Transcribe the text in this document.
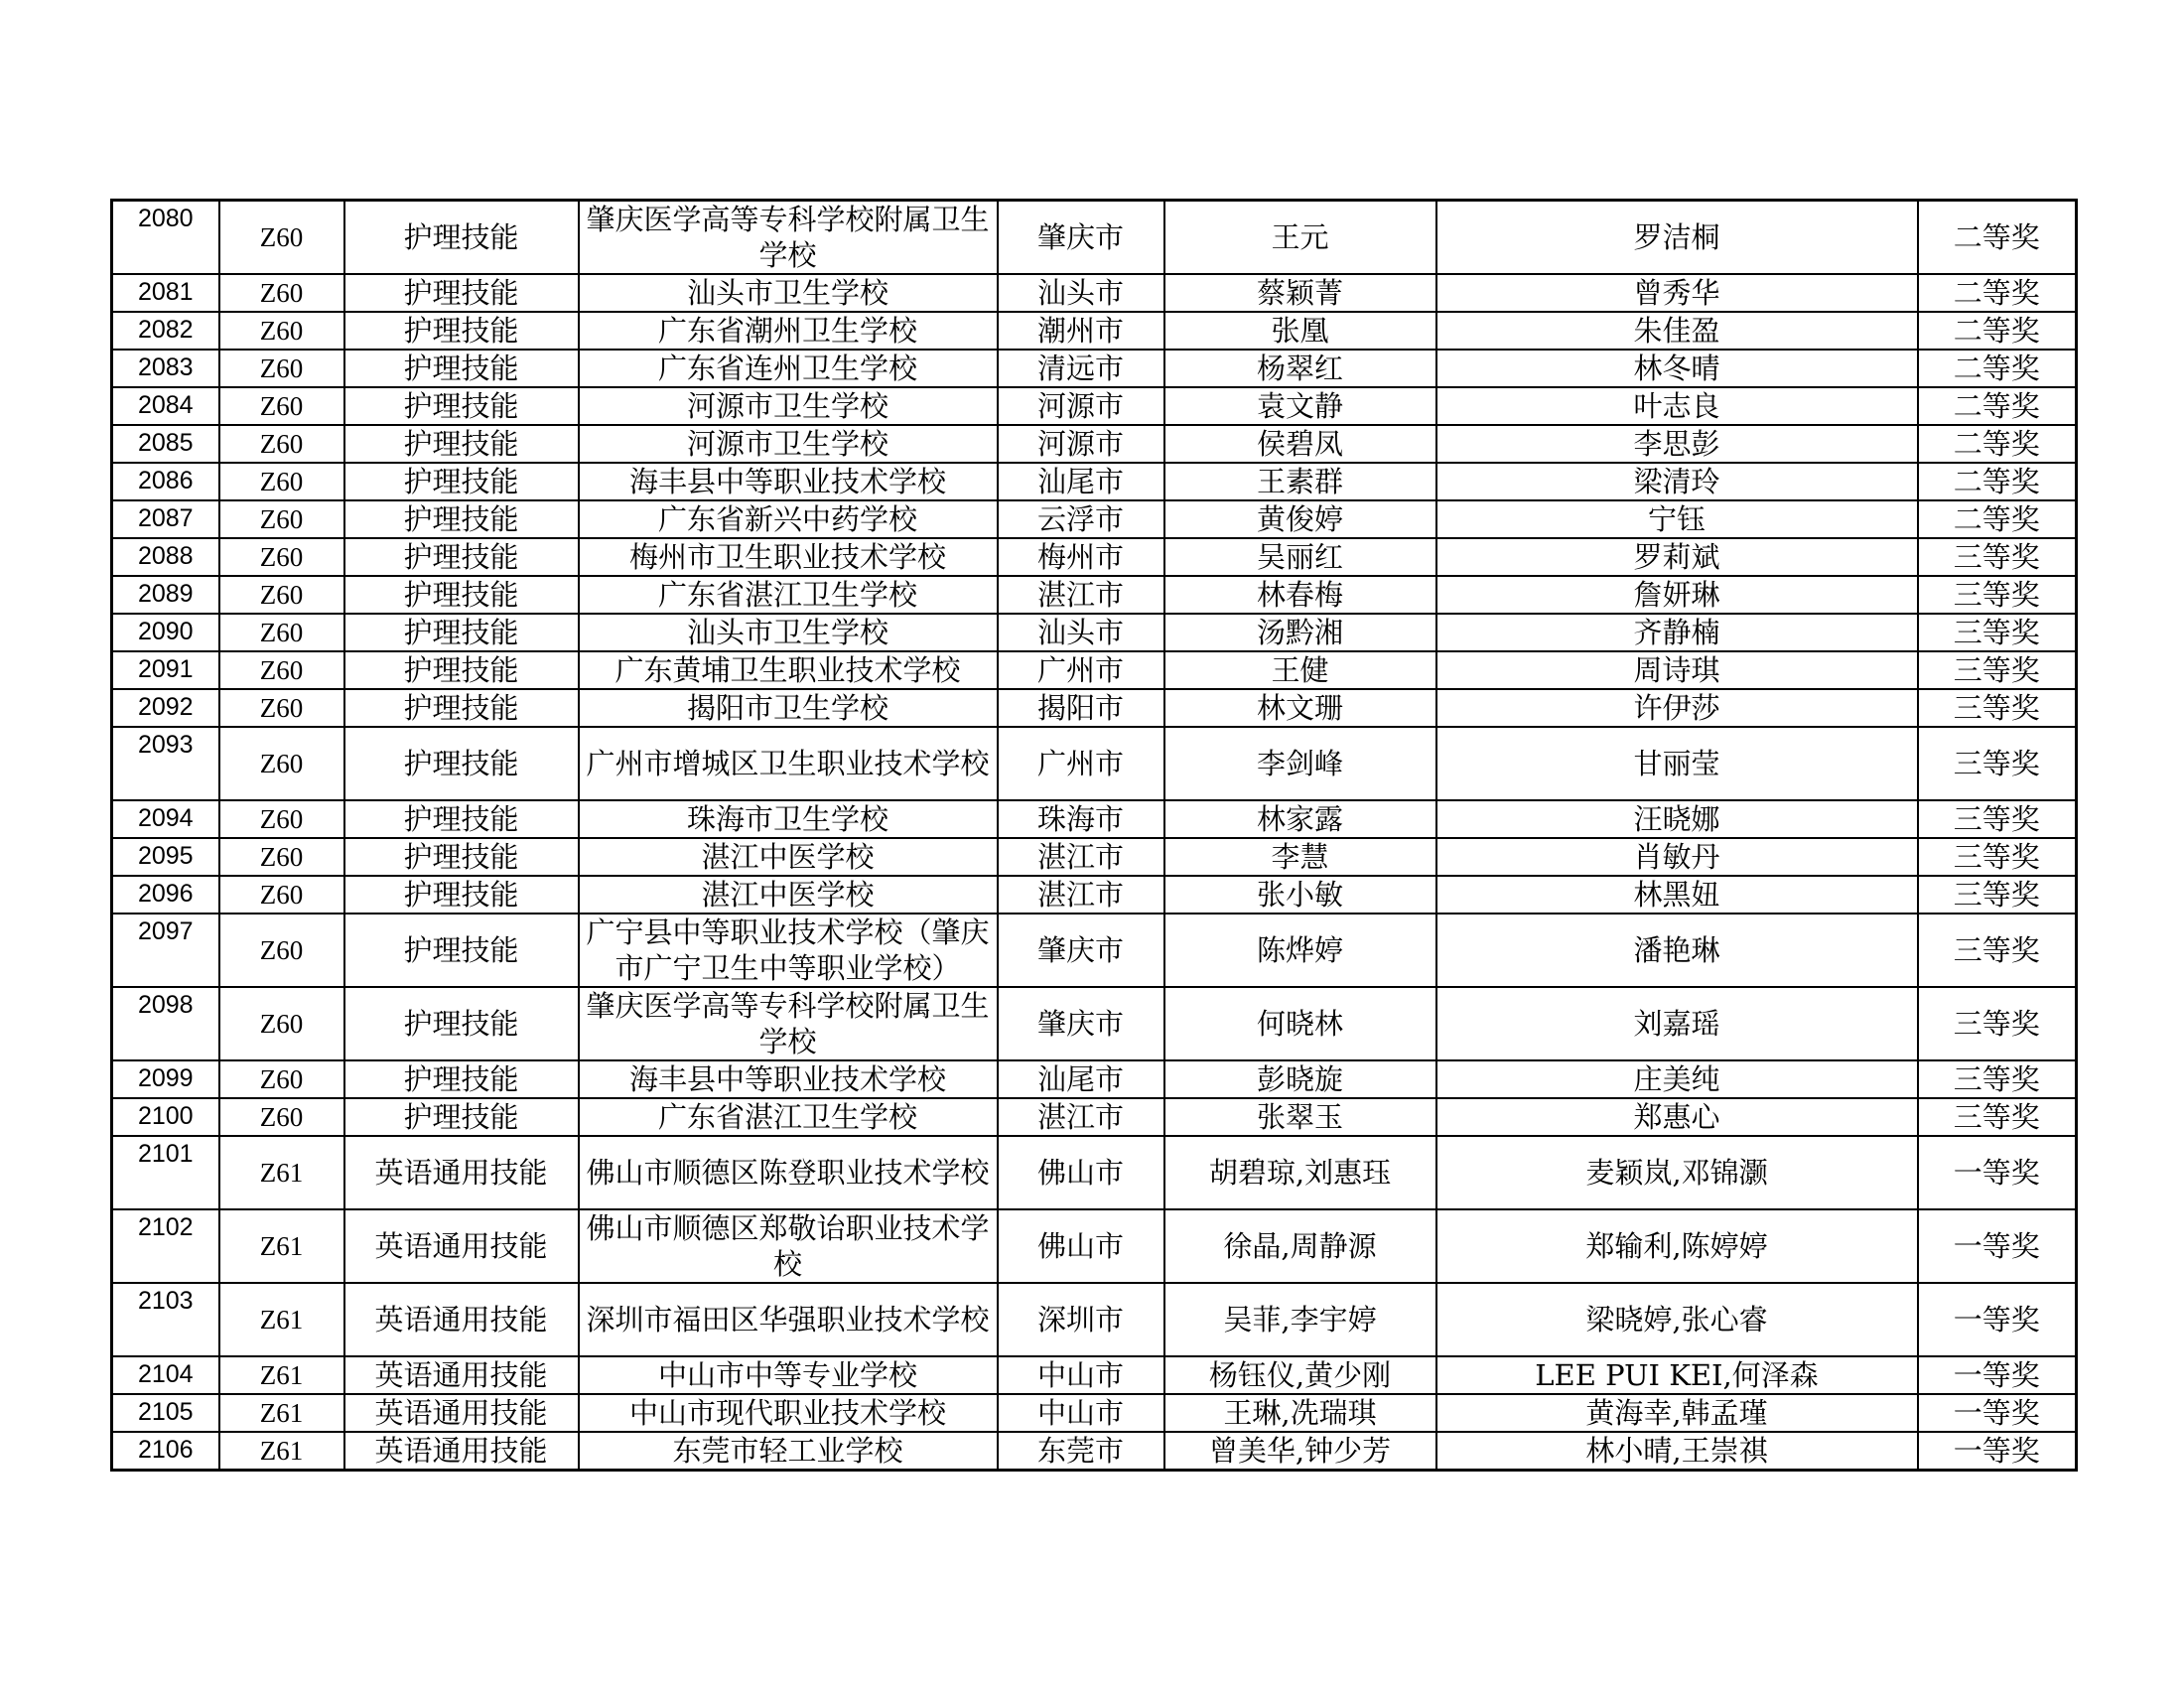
2080	Z60	护理技能	肇庆医学高等专科学校附属卫生学校	肇庆市	王元	罗洁桐	二等奖
2081	Z60	护理技能	汕头市卫生学校	汕头市	蔡颖菁	曾秀华	二等奖
2082	Z60	护理技能	广东省潮州卫生学校	潮州市	张凰	朱佳盈	二等奖
2083	Z60	护理技能	广东省连州卫生学校	清远市	杨翠红	林冬晴	二等奖
2084	Z60	护理技能	河源市卫生学校	河源市	袁文静	叶志良	二等奖
2085	Z60	护理技能	河源市卫生学校	河源市	侯碧凤	李思彭	二等奖
2086	Z60	护理技能	海丰县中等职业技术学校	汕尾市	王素群	梁清玲	二等奖
2087	Z60	护理技能	广东省新兴中药学校	云浮市	黄俊婷	宁钰	二等奖
2088	Z60	护理技能	梅州市卫生职业技术学校	梅州市	吴丽红	罗莉斌	三等奖
2089	Z60	护理技能	广东省湛江卫生学校	湛江市	林春梅	詹妍琳	三等奖
2090	Z60	护理技能	汕头市卫生学校	汕头市	汤黔湘	齐静楠	三等奖
2091	Z60	护理技能	广东黄埔卫生职业技术学校	广州市	王健	周诗琪	三等奖
2092	Z60	护理技能	揭阳市卫生学校	揭阳市	林文珊	许伊莎	三等奖
2093	Z60	护理技能	广州市增城区卫生职业技术学校	广州市	李剑峰	甘丽莹	三等奖
2094	Z60	护理技能	珠海市卫生学校	珠海市	林家露	汪晓娜	三等奖
2095	Z60	护理技能	湛江中医学校	湛江市	李慧	肖敏丹	三等奖
2096	Z60	护理技能	湛江中医学校	湛江市	张小敏	林黑妞	三等奖
2097	Z60	护理技能	广宁县中等职业技术学校（肇庆市广宁卫生中等职业学校）	肇庆市	陈烨婷	潘艳琳	三等奖
2098	Z60	护理技能	肇庆医学高等专科学校附属卫生学校	肇庆市	何晓林	刘嘉瑶	三等奖
2099	Z60	护理技能	海丰县中等职业技术学校	汕尾市	彭晓旋	庄美纯	三等奖
2100	Z60	护理技能	广东省湛江卫生学校	湛江市	张翠玉	郑惠心	三等奖
2101	Z61	英语通用技能	佛山市顺德区陈登职业技术学校	佛山市	胡碧琼,刘惠珏	麦颖岚,邓锦灏	一等奖
2102	Z61	英语通用技能	佛山市顺德区郑敬诒职业技术学校	佛山市	徐晶,周静源	郑输利,陈婷婷	一等奖
2103	Z61	英语通用技能	深圳市福田区华强职业技术学校	深圳市	吴菲,李宇婷	梁晓婷,张心睿	一等奖
2104	Z61	英语通用技能	中山市中等专业学校	中山市	杨钰仪,黄少刚	LEE PUI KEI,何泽森	一等奖
2105	Z61	英语通用技能	中山市现代职业技术学校	中山市	王琳,冼瑞琪	黄海幸,韩孟瑾	一等奖
2106	Z61	英语通用技能	东莞市轻工业学校	东莞市	曾美华,钟少芳	林小晴,王崇祺	一等奖
